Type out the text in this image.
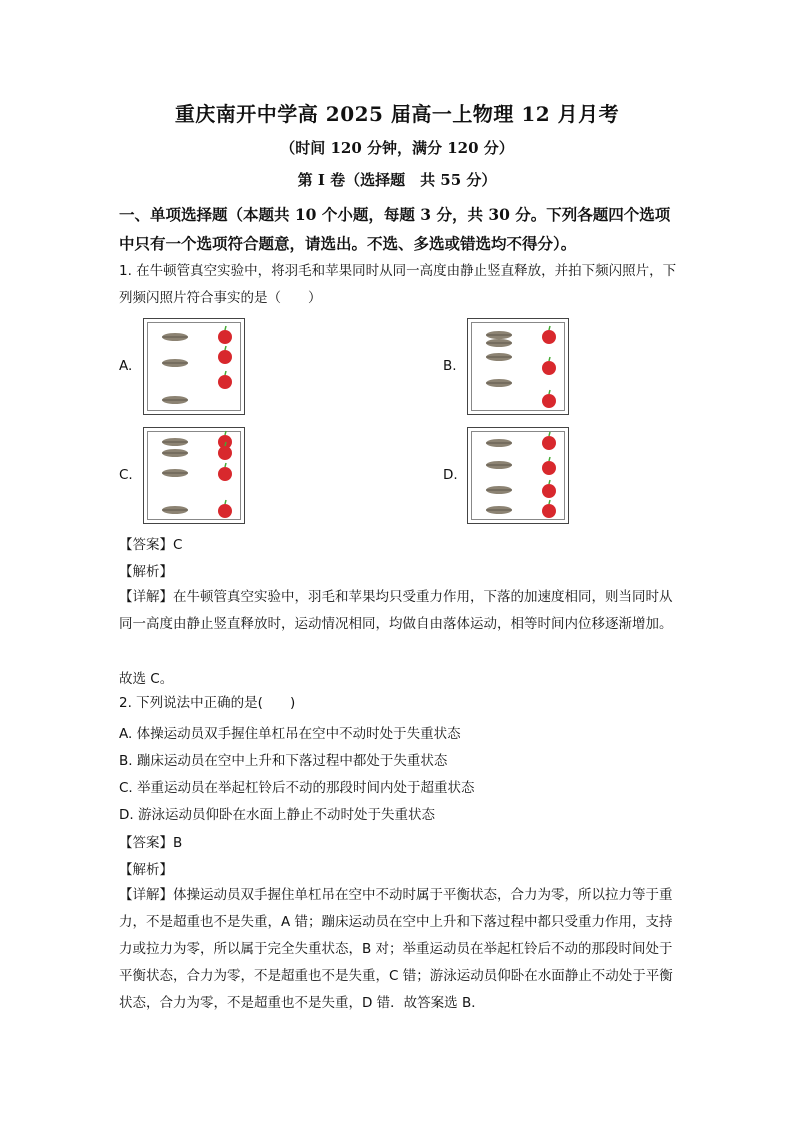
重庆南开中学高 2025 届高一上物理 12 月月考
（时间 120 分钟，满分 120 分）
第 I 卷（选择题　共 55 分）
一、单项选择题（本题共 10 个小题，每题 3 分，共 30 分。下列各题四个选项中只有一个选项符合题意，请选出。不选、多选或错选均不得分）。
1. 在牛顿管真空实验中，将羽毛和苹果同时从同一高度由静止竖直释放，并拍下频闪照片，下列频闪照片符合事实的是（　　）
A.	B.
C.	D.
【答案】C
【解析】
【详解】在牛顿管真空实验中，羽毛和苹果均只受重力作用，下落的加速度相同，则当同时从同一高度由静止竖直释放时，运动情况相同，均做自由落体运动，相等时间内位移逐渐增加。
故选 C。
2. 下列说法中正确的是(　　)
A. 体操运动员双手握住单杠吊在空中不动时处于失重状态
B. 蹦床运动员在空中上升和下落过程中都处于失重状态
C. 举重运动员在举起杠铃后不动的那段时间内处于超重状态
D. 游泳运动员仰卧在水面上静止不动时处于失重状态
【答案】B
【解析】
【详解】体操运动员双手握住单杠吊在空中不动时属于平衡状态，合力为零，所以拉力等于重力，不是超重也不是失重，A 错；蹦床运动员在空中上升和下落过程中都只受重力作用，支持力或拉力为零，所以属于完全失重状态，B 对；举重运动员在举起杠铃后不动的那段时间处于平衡状态，合力为零，不是超重也不是失重，C 错；游泳运动员仰卧在水面静止不动处于平衡状态，合力为零，不是超重也不是失重，D 错．故答案选 B．
